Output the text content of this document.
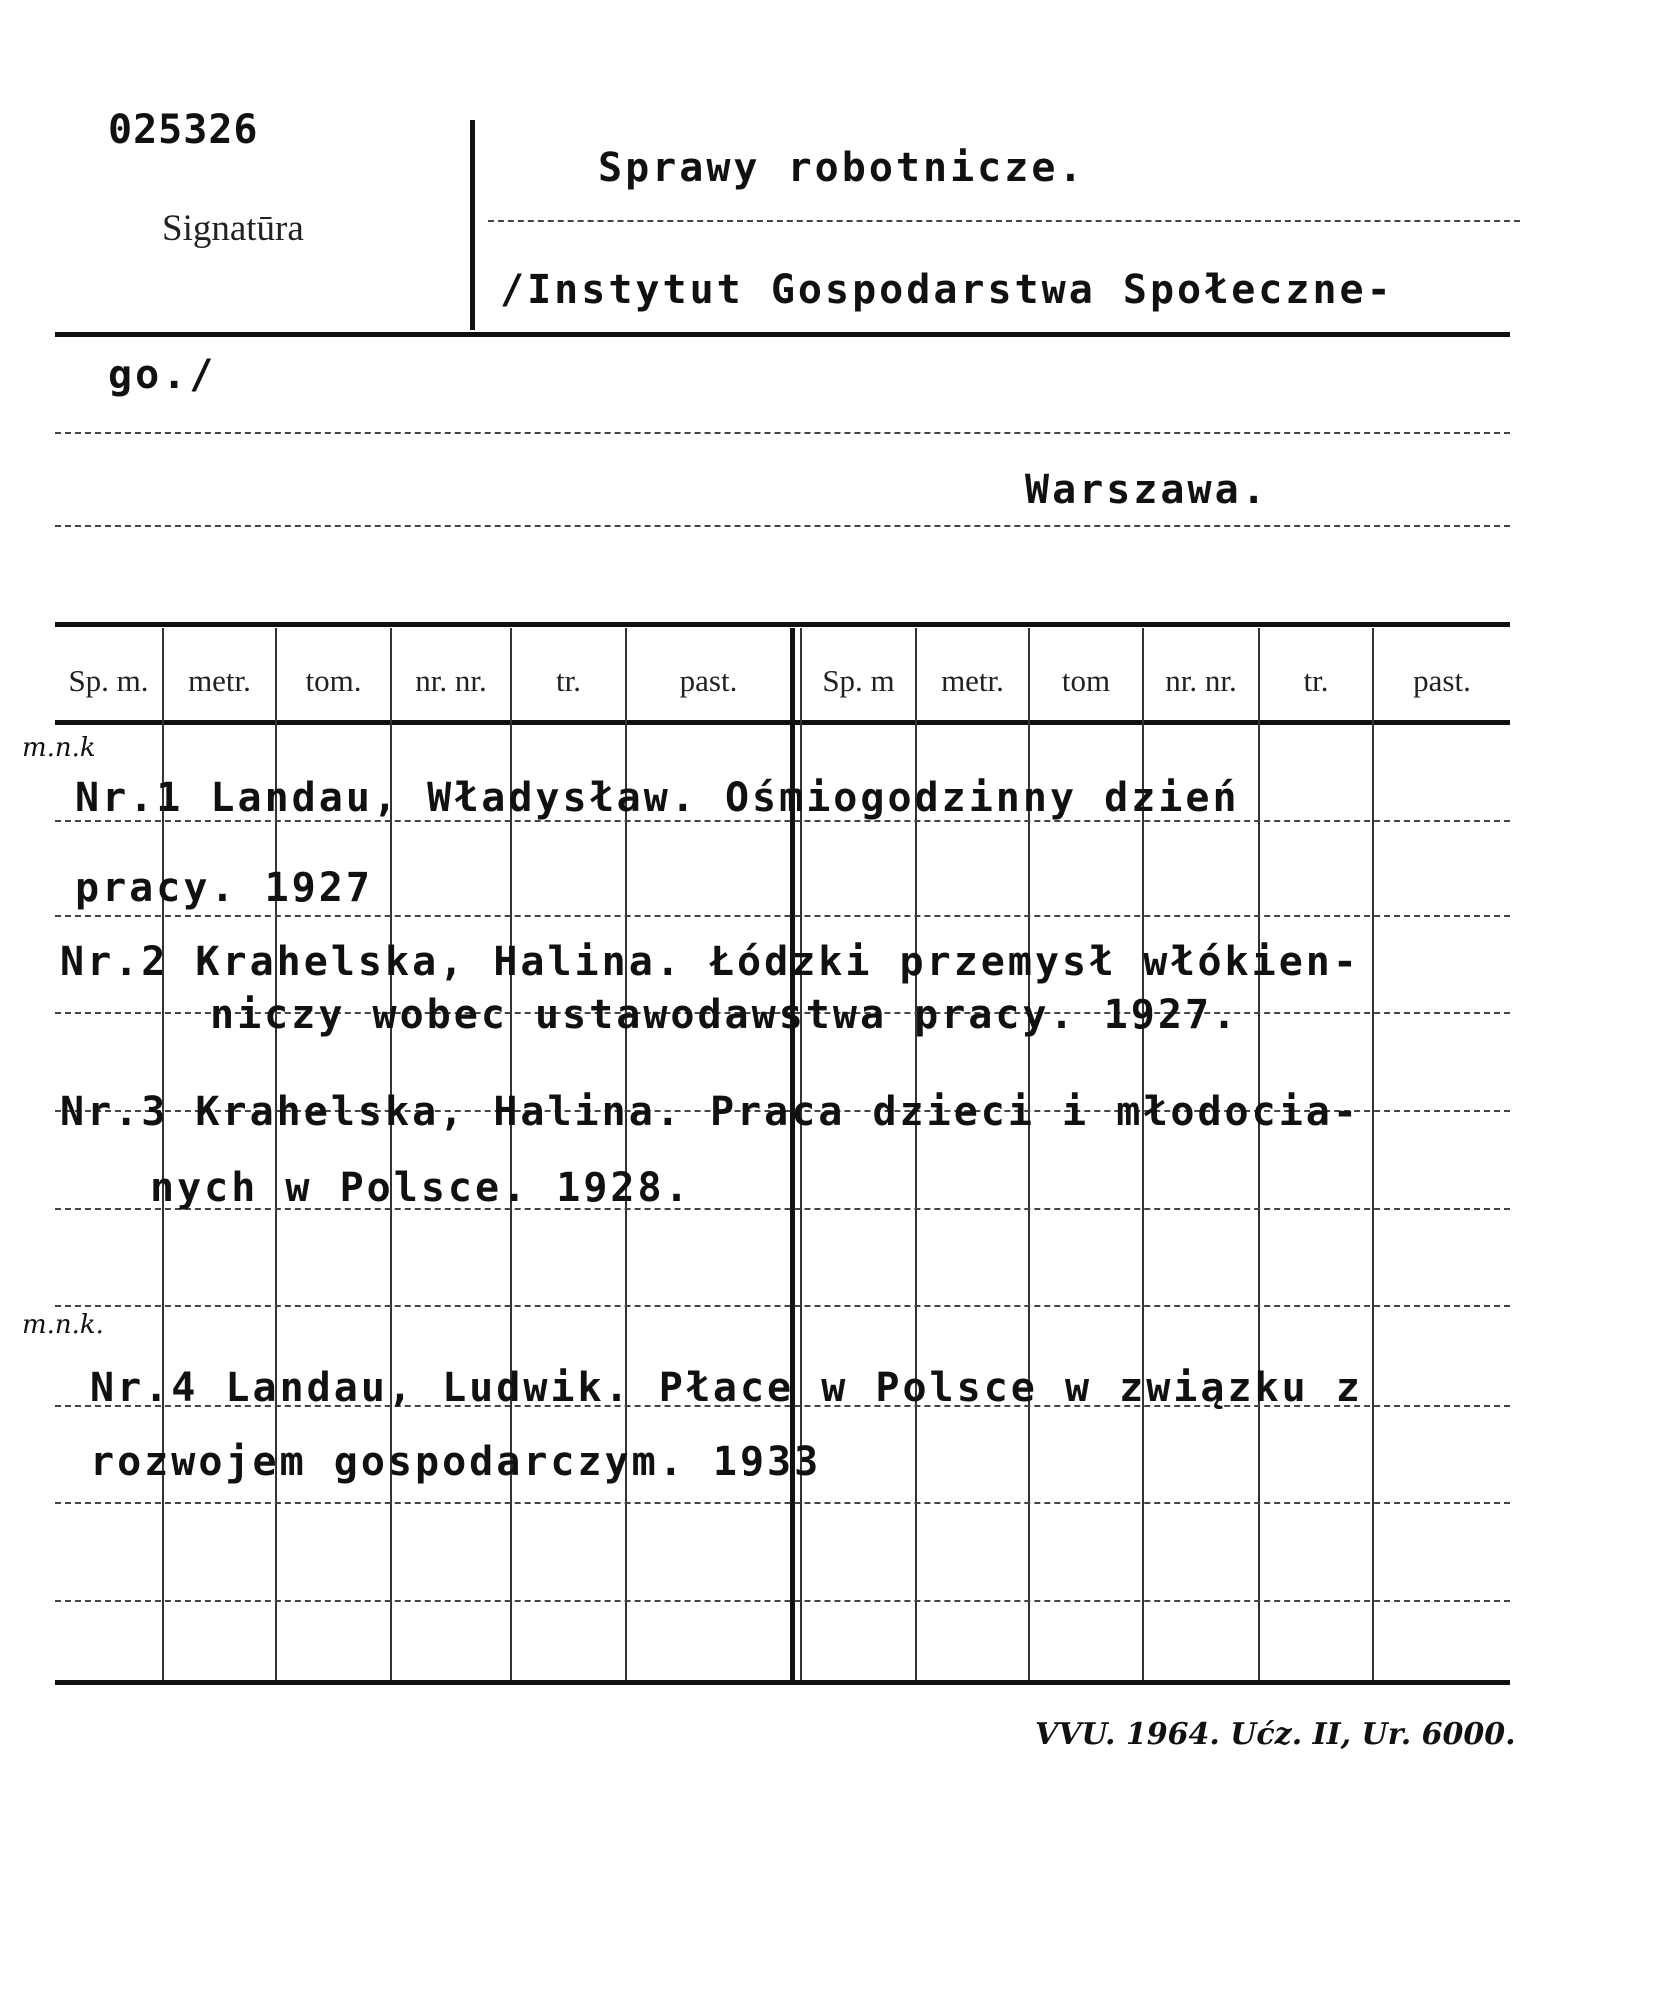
025326
Signatūra
Sprawy robotnicze.
/Instytut Gospodarstwa Społeczne-
go./
Warszawa.
Sp. m.	metr.	tom.	nr. nr.	tr.	past.	Sp. m	metr.	tom	nr. nr.	tr.	past.
m.n.k
Nr.1 Landau, Władysław. Ośmiogodzinny dzień
pracy. 1927
Nr.2 Krahelska, Halina. Łódzki przemysł włókien-
niczy wobec ustawodawstwa pracy. 1927.
Nr.3 Krahelska, Halina. Praca dzieci i młodocia-
nych w Polsce. 1928.
m.n.k.
Nr.4 Landau, Ludwik. Płace w Polsce w związku z
rozwojem gospodarczym. 1933
VVU. 1964. Ućz. II, Ur. 6000.
